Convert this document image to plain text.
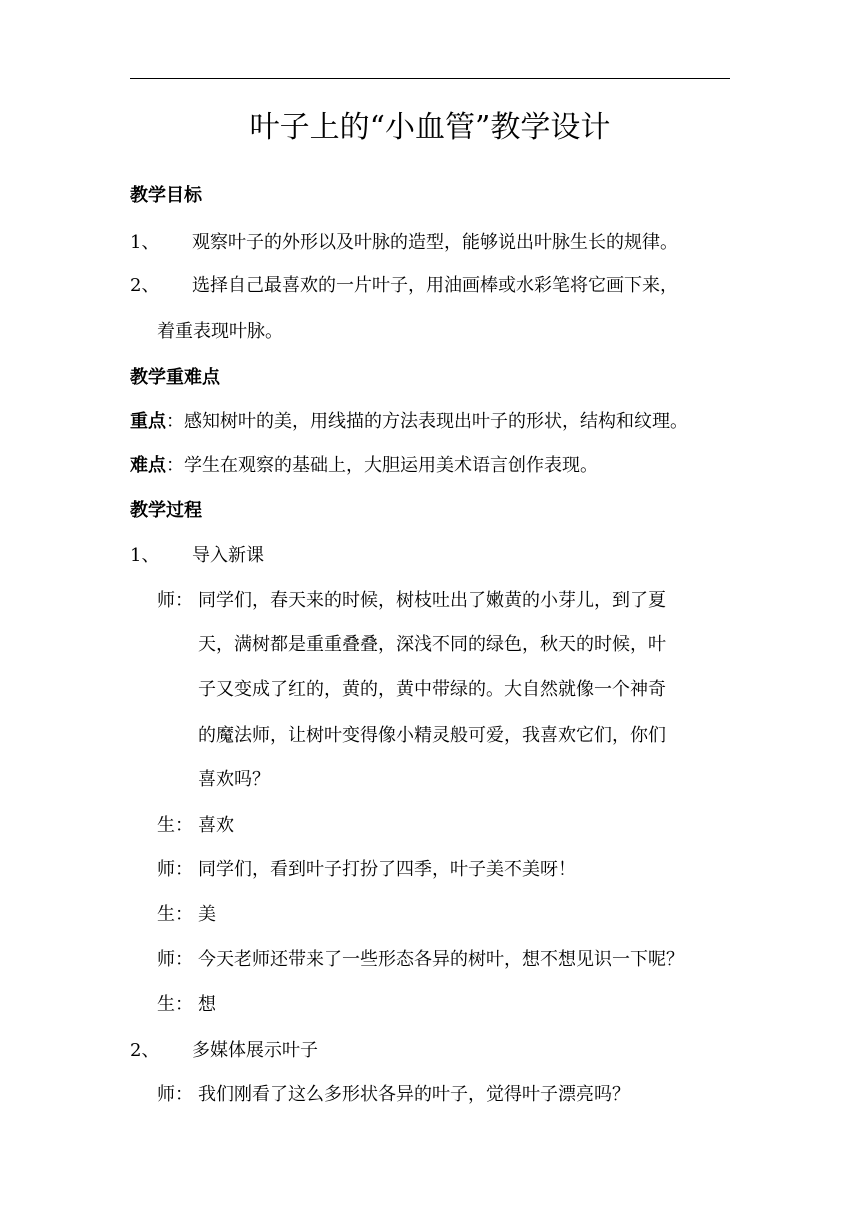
叶子上的“小血管”教学设计
教学目标
1、 观察叶子的外形以及叶脉的造型，能够说出叶脉生长的规律。
2、 选择自己最喜欢的一片叶子，用油画棒或水彩笔将它画下来，
着重表现叶脉。
教学重难点
重点：感知树叶的美，用线描的方法表现出叶子的形状，结构和纹理。
难点：学生在观察的基础上，大胆运用美术语言创作表现。
教学过程
1、 导入新课
师： 同学们，春天来的时候，树枝吐出了嫩黄的小芽儿，到了夏
天，满树都是重重叠叠，深浅不同的绿色，秋天的时候，叶
子又变成了红的，黄的，黄中带绿的。大自然就像一个神奇
的魔法师，让树叶变得像小精灵般可爱，我喜欢它们，你们
喜欢吗？
生： 喜欢
师： 同学们，看到叶子打扮了四季，叶子美不美呀！
生： 美
师： 今天老师还带来了一些形态各异的树叶，想不想见识一下呢？
生： 想
2、 多媒体展示叶子
师： 我们刚看了这么多形状各异的叶子，觉得叶子漂亮吗？
